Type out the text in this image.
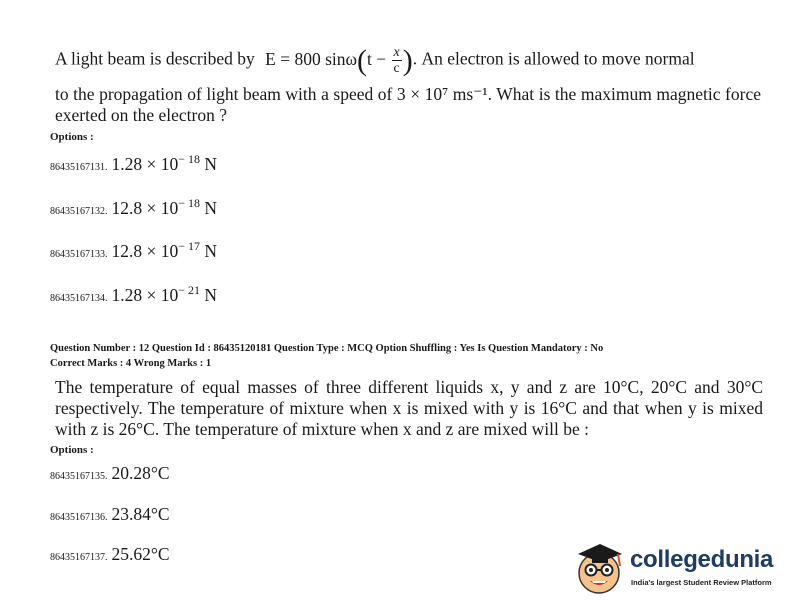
A light beam is described by E = 800 $\sin\omega(t - \frac{x}{c}$ ). An electron is allowed to move normal
to the propagation of light beam with a speed of 3 × 10⁷ ms⁻¹. What is the maximum magnetic force exerted on the electron ?
Options :
86435167131. $1.28 \times 10^{- 18}$ N
86435167132. $12.8 \times 10^{- 18}$ N
86435167133. $12.8 \times 10^{- 17}$ N
86435167134. $1.28 \times 10^{- 21}$ N
Question Number : 12 Question Id : 86435120181 Question Type : MCQ Option Shuffling : Yes Is Question Mandatory : No
Correct Marks : 4 Wrong Marks : 1
The temperature of equal masses of three different liquids x, y and z are 10°C, 20°C and 30°C respectively. The temperature of mixture when x is mixed with y is 16°C and that when y is mixed with z is 26°C. The temperature of mixture when x and z are mixed will be :
Options :
86435167135. 20.28°C
86435167136. 23.84°C
86435167137. 25.62°C	collegedunia
India's largest Student Review Platform
